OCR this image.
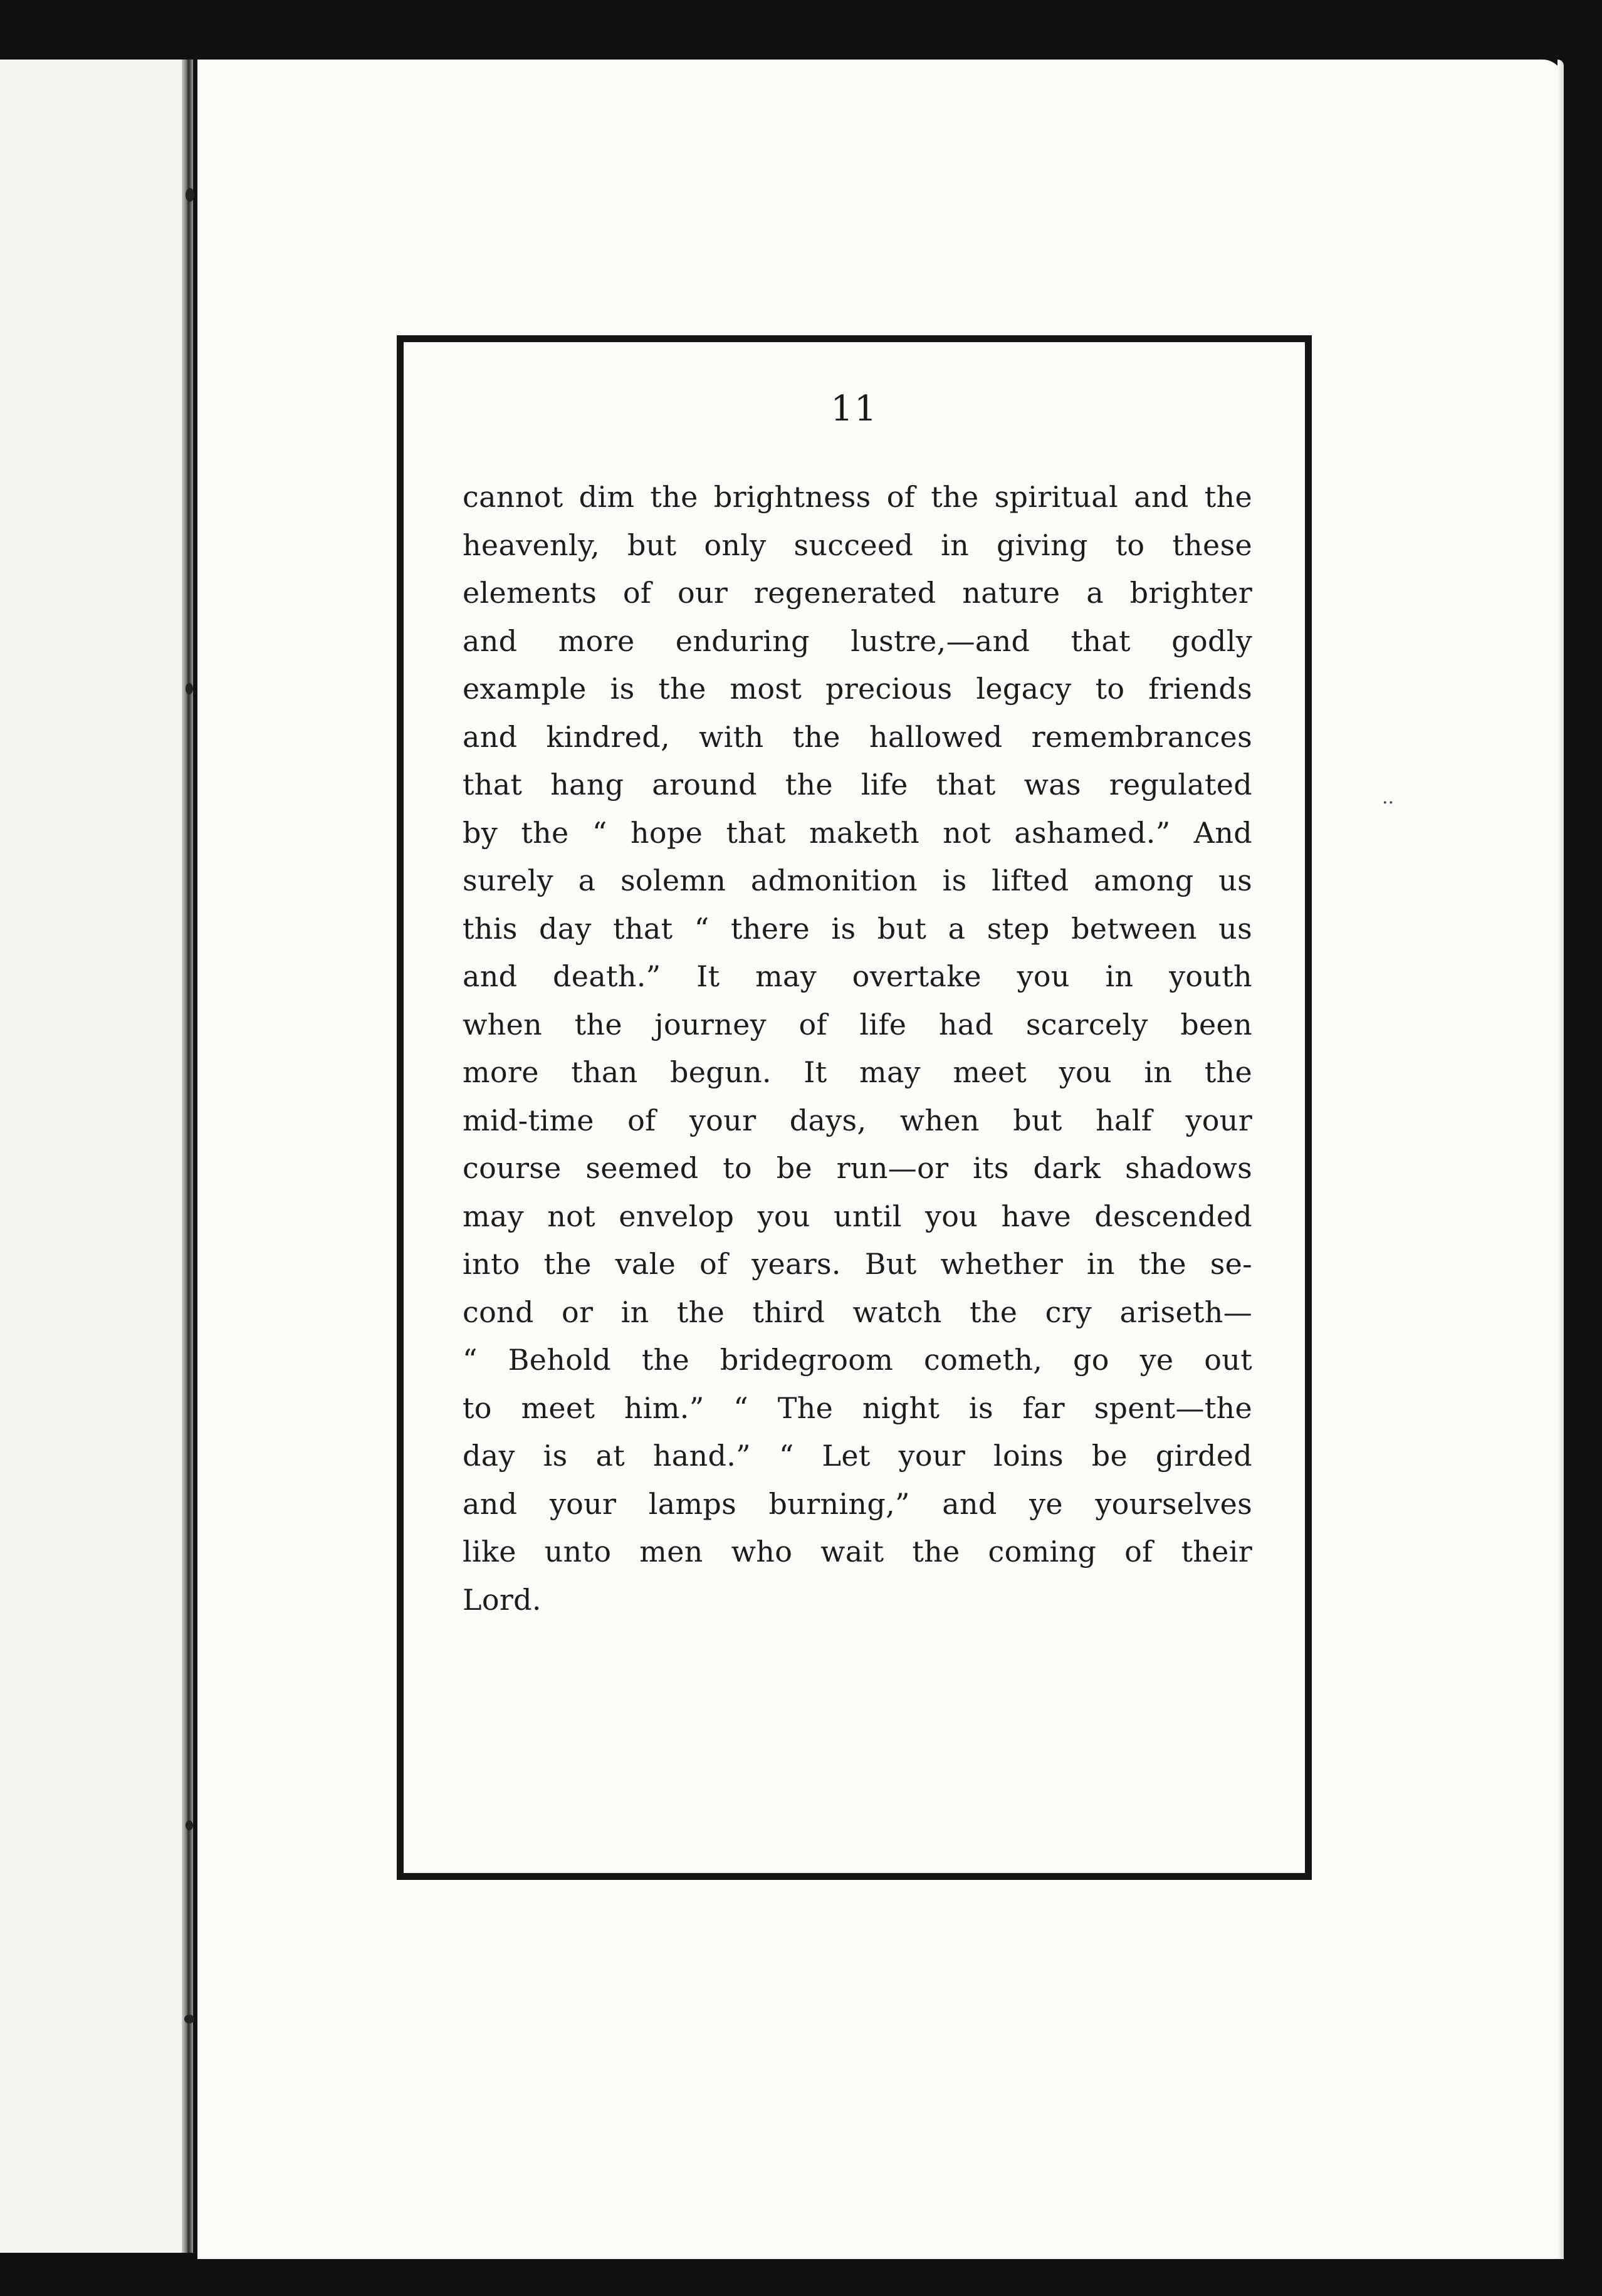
11
cannot dim the brightness of the spiritual and the
heavenly, but only succeed in giving to these
elements of our regenerated nature a brighter
and more enduring lustre,—and that godly
example is the most precious legacy to friends
and kindred, with the hallowed remembrances
that hang around the life that was regulated
by the “ hope that maketh not ashamed.” And
surely a solemn admonition is lifted among us
this day that “ there is but a step between us
and death.” It may overtake you in youth
when the journey of life had scarcely been
more than begun. It may meet you in the
mid-time of your days, when but half your
course seemed to be run—or its dark shadows
may not envelop you until you have descended
into the vale of years. But whether in the se-
cond or in the third watch the cry ariseth—
“ Behold the bridegroom cometh, go ye out
to meet him.” “ The night is far spent—the
day is at hand.” “ Let your loins be girded
and your lamps burning,” and ye yourselves
like unto men who wait the coming of their
Lord.
..
